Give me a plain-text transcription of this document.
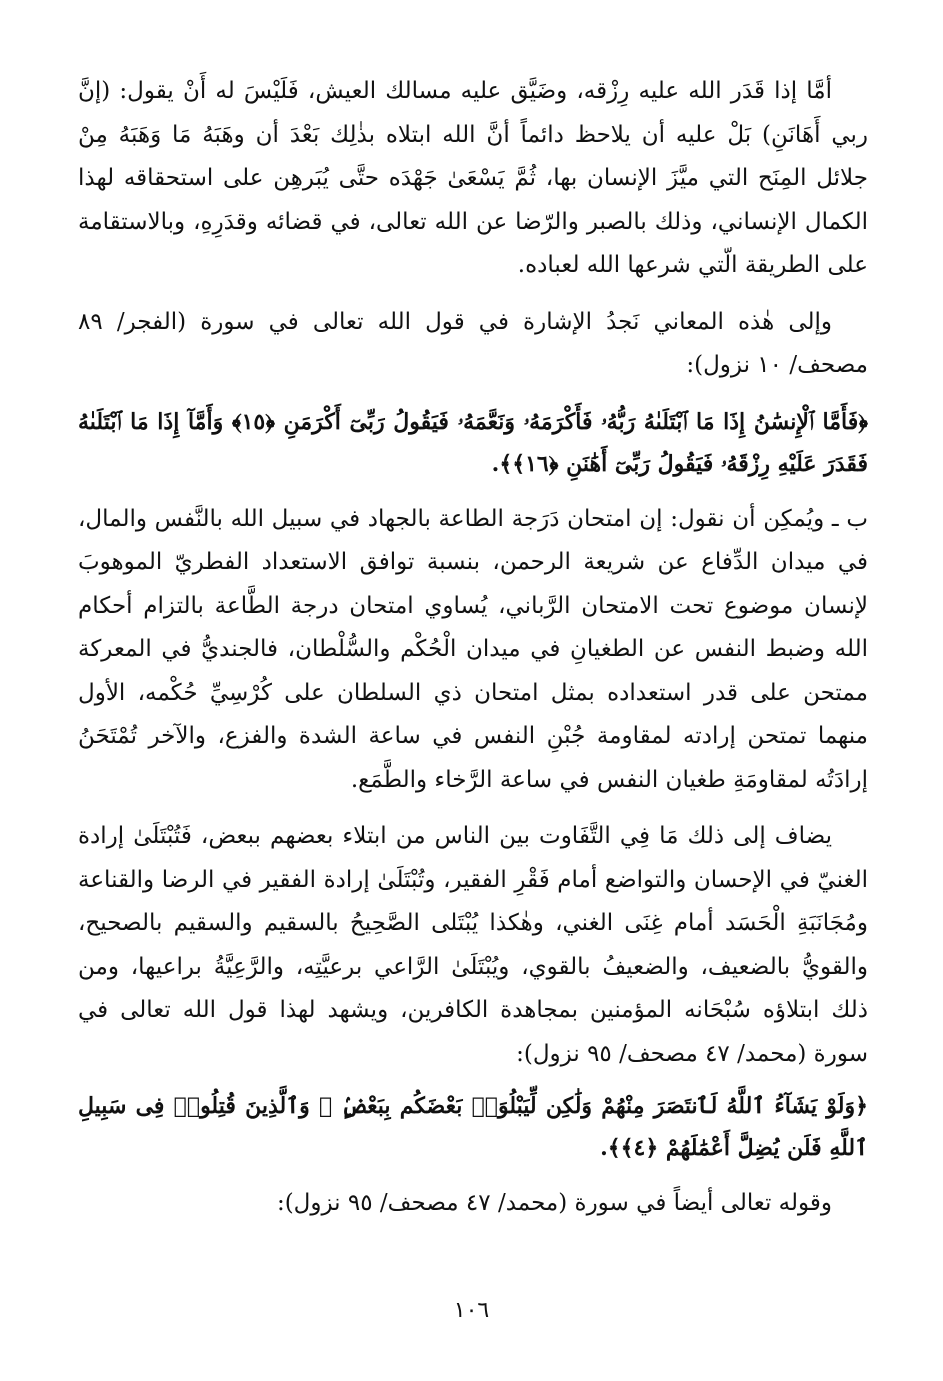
أمَّا إذا قَدَر الله عليه رِزْقه، وضَيَّق عليه مسالك العيش، فَلَيْسَ له أَنْ يقول: (إنَّ ربي أَهَانَنِ) بَلْ عليه أن يلاحظ دائماً أنَّ الله ابتلاه بذٰلِك بَعْدَ أن وهَبَهُ مَا وَهَبَهُ مِنْ جلائل المِنَح التي ميَّزَ الإنسان بها، ثُمَّ يَسْعَىٰ جَهْدَه حتَّى يُبَرهِن على استحقاقه لهذا الكمال الإنساني، وذلك بالصبر والرّضا عن الله تعالى، في قضائه وقدَرِهِ، وبالاستقامة على الطريقة الّتي شرعها الله لعباده.

وإلى هٰذه المعاني نَجدُ الإشارة في قول الله تعالى في سورة (الفجر/ ٨٩ مصحف/ ١٠ نزول):

﴿فَأَمَّا ٱلْإِنسَٰنُ إِذَا مَا ٱبْتَلَىٰهُ رَبُّهُۥ فَأَكْرَمَهُۥ وَنَعَّمَهُۥ فَيَقُولُ رَبِّىٓ أَكْرَمَنِ ﴿١٥﴾ وَأَمَّآ إِذَا مَا ٱبْتَلَىٰهُ فَقَدَرَ عَلَيْهِ رِزْقَهُۥ فَيَقُولُ رَبِّىٓ أَهَٰنَنِ ﴿١٦﴾﴾.

ب ـ ويُمكِن أن نقول: إن امتحان دَرَجة الطاعة بالجهاد في سبيل الله بالنَّفس والمال، في ميدان الدِّفاع عن شريعة الرحمن، بنسبة توافق الاستعداد الفطريّ الموهوبَ لإنسان موضوع تحت الامتحان الرَّباني، يُساوي امتحان درجة الطَّاعة بالتزام أحكام الله وضبط النفس عن الطغيانِ في ميدان الْحُكْم والسُّلْطان، فالجنديُّ في المعركة ممتحن على قدر استعداده بمثل امتحان ذي السلطان على كُرْسِيِّ حُكْمه، الأول منهما تمتحن إرادته لمقاومة جُبْنِ النفس في ساعة الشدة والفزع، والآخر تُمْتَحَنُ إرادَتُه لمقاومَةِ طغيان النفس في ساعة الرَّخاء والطَّمَع.

يضاف إلى ذلك مَا فِي التَّفَاوت بين الناس من ابتلاء بعضهم ببعض، فَتُبْتَلَىٰ إرادة الغنيّ في الإحسان والتواضع أمام فَقْرِ الفقير، وتُبْتَلَىٰ إرادة الفقير في الرضا والقناعة ومُجَانَبَةِ الْحَسَد أمام غِنَى الغني، وهٰكذا يُبْتَلى الصَّحِيحُ بالسقيم والسقيم بالصحيح، والقويُّ بالضعيف، والضعيفُ بالقوي، ويُبْتَلَىٰ الرَّاعي برعيَّتِه، والرَّعِيَّةُ براعيها، ومن ذلك ابتلاؤه سُبْحَانه المؤمنين بمجاهدة الكافرين، ويشهد لهذا قول الله تعالى في سورة (محمد/ ٤٧ مصحف/ ٩٥ نزول):

﴿وَلَوْ يَشَآءُ ٱللَّهُ لَٱنتَصَرَ مِنْهُمْ وَلَٰكِن لِّيَبْلُوَا۟ بَعْضَكُم بِبَعْضٍۢ ۗ وَٱلَّذِينَ قُتِلُوا۟ فِى سَبِيلِ ٱللَّهِ فَلَن يُضِلَّ أَعْمَٰلَهُمْ ﴿٤﴾﴾.

وقوله تعالى أيضاً في سورة (محمد/ ٤٧ مصحف/ ٩٥ نزول):

١٠٦
